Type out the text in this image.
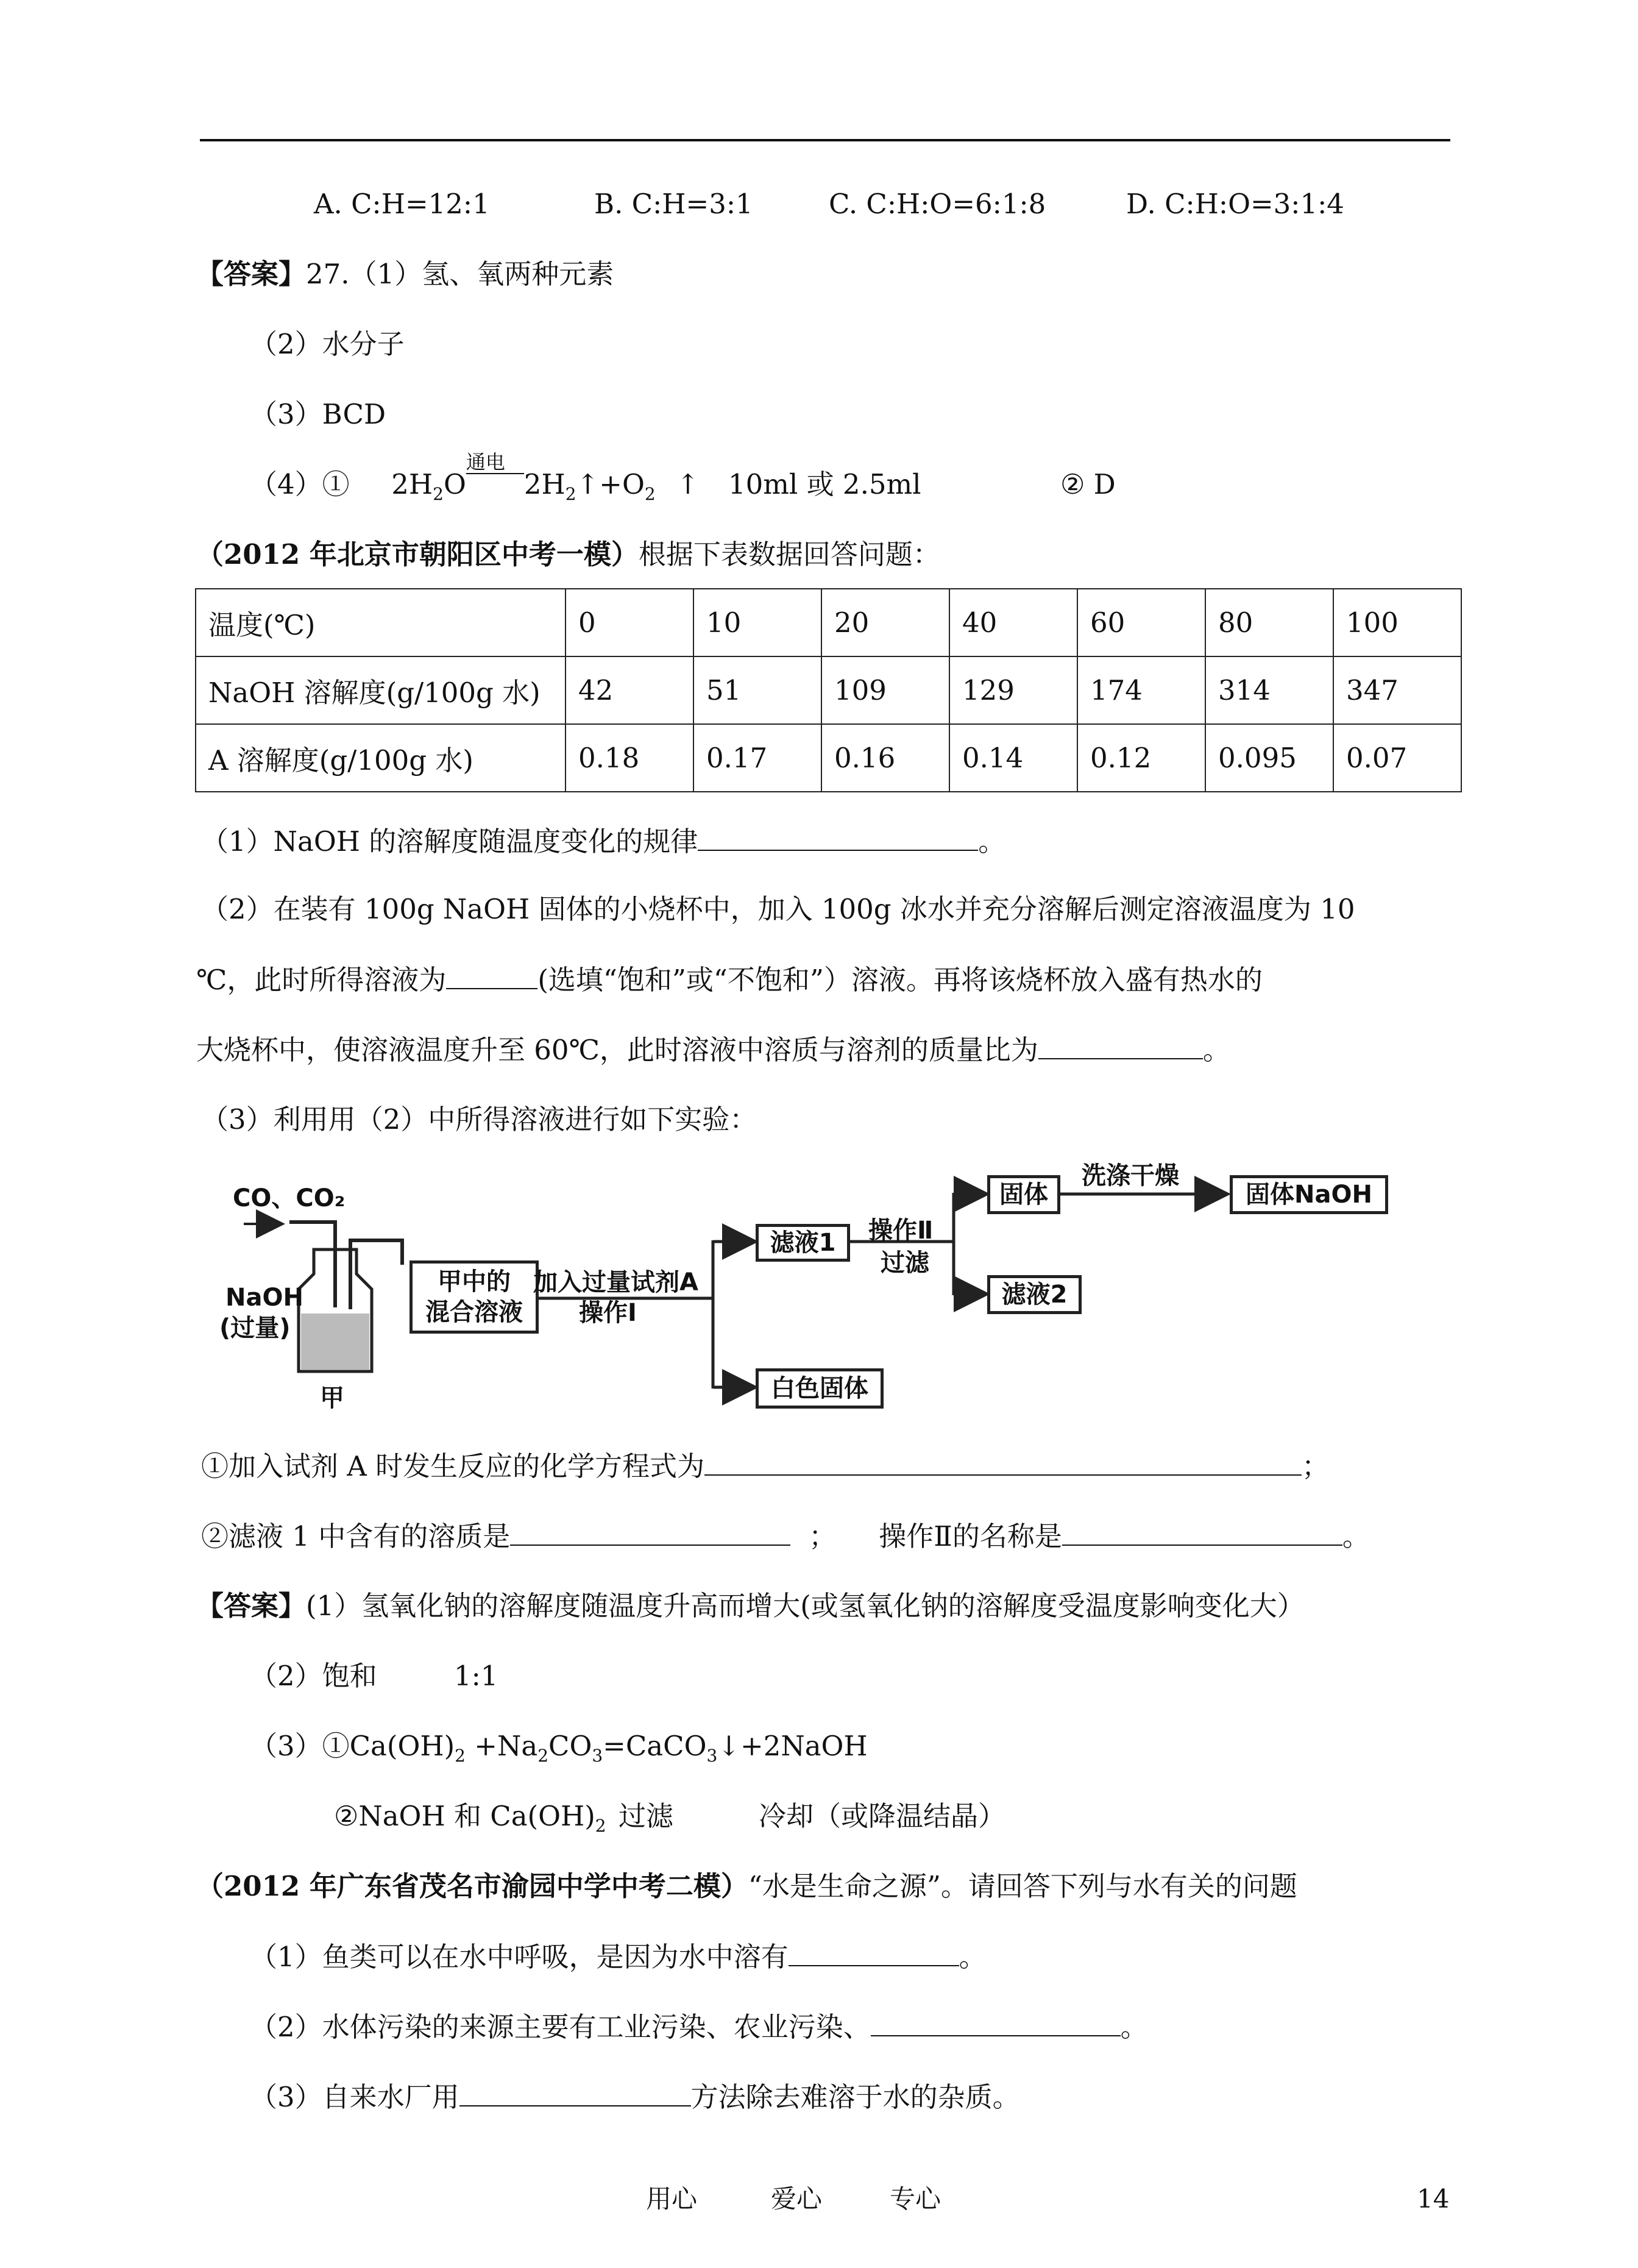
A. C:H=12:1	B. C:H=3:1	C. C:H:O=6:1:8	D. C:H:O=3:1:4
【答案】27.（1）氢、氧两种元素
（2）水分子
（3）BCD
（4）① $2H_2O$
通电
$2H_2↑+O_2$ ↑ 10ml 或 2.5ml	② D
（2012 年北京市朝阳区中考一模）根据下表数据回答问题：
温度(℃)	0	10	20	40	60	80	100
NaOH 溶解度(g/100g 水)	42	51	109	129	174	314	347
A 溶解度(g/100g 水)	0.18	0.17	0.16	0.14	0.12	0.095	0.07
（1）NaOH 的溶解度随温度变化的规律	。
（2）在装有 100g NaOH 固体的小烧杯中，加入 100g 冰水并充分溶解后测定溶液温度为 10
℃，此时所得溶液为	(选填“饱和”或“不饱和”）溶液。再将该烧杯放入盛有热水的
大烧杯中，使溶液温度升至 60℃，此时溶液中溶质与溶剂的质量比为	。
（3）利用用（2）中所得溶液进行如下实验：
CO、CO₂
NaOH
(过量)
甲
甲中的
混合溶液
加入过量试剂A
操作Ⅰ
滤液1
白色固体
操作Ⅱ
过滤
固体
滤液2
洗涤干燥
固体NaOH
①加入试剂 A 时发生反应的化学方程式为	；
②滤液 1 中含有的溶质是	； 操作Ⅱ的名称是	。
【答案】(1）氢氧化钠的溶解度随温度升高而增大(或氢氧化钠的溶解度受温度影响变化大）
（2）饱和	1:1
$(3)①Ca(OH)_2$ $+Na_2CO_3=CaCO_3↓+2NaOH$
②NaOH 和 $Ca(OH)_2$ 过滤	冷却（或降温结晶）
（2012 年广东省茂名市渝园中学中考二模）“水是生命之源”。请回答下列与水有关的问题
（1）鱼类可以在水中呼吸，是因为水中溶有	。
（2）水体污染的来源主要有工业污染、农业污染、	。
（3）自来水厂用	方法除去难溶于水的杂质。
用心	爱心	专心	14
